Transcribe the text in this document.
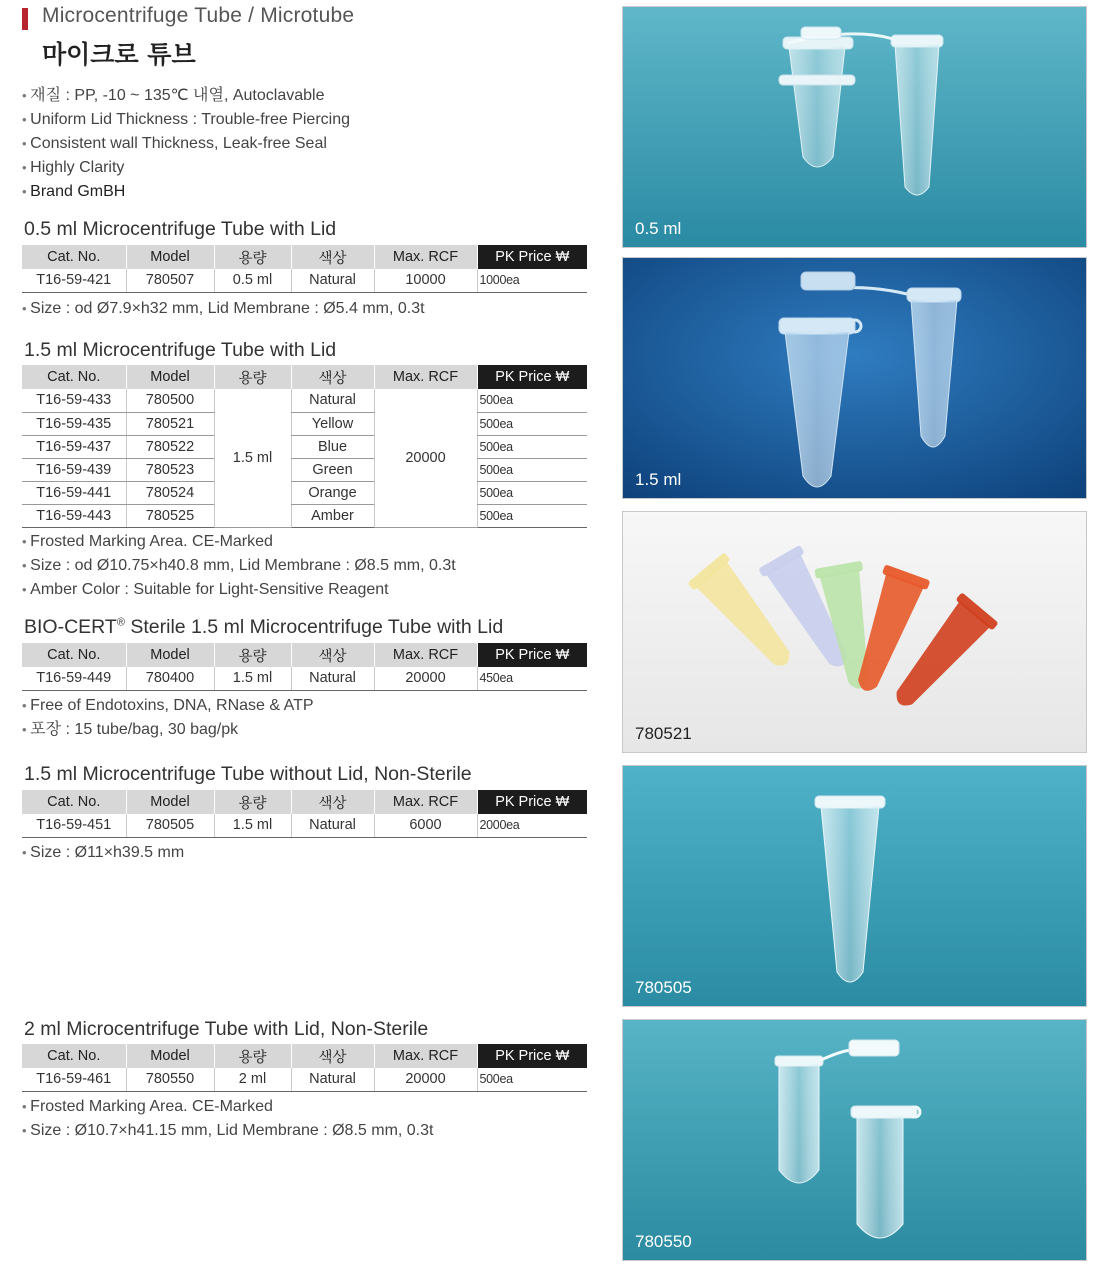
Microcentrifuge Tube / Microtube
마이크로 튜브
• 재질 : PP, -10 ~ 135℃ 내열, Autoclavable
• Uniform Lid Thickness : Trouble-free Piercing
• Consistent wall Thickness, Leak-free Seal
• Highly Clarity
• Brand GmBH
0.5 ml Microcentrifuge Tube with Lid
Cat. No.	Model	용량	색상	Max. RCF	PK Price ₩
T16-59-421	780507	0.5 ml	Natural	10000	1000ea
• Size : od Ø7.9×h32 mm, Lid Membrane : Ø5.4 mm, 0.3t
1.5 ml Microcentrifuge Tube with Lid
Cat. No.	Model	용량	색상	Max. RCF	PK Price ₩
T16-59-433	780500	1.5 ml	Natural	20000	500ea
T16-59-435	780521		Yellow		500ea
T16-59-437	780522		Blue		500ea
T16-59-439	780523		Green		500ea
T16-59-441	780524		Orange		500ea
T16-59-443	780525		Amber		500ea
• Frosted Marking Area. CE-Marked
• Size : od Ø10.75×h40.8 mm, Lid Membrane : Ø8.5 mm, 0.3t
• Amber Color : Suitable for Light-Sensitive Reagent
BIO-CERT® Sterile 1.5 ml Microcentrifuge Tube with Lid
Cat. No.	Model	용량	색상	Max. RCF	PK Price ₩
T16-59-449	780400	1.5 ml	Natural	20000	450ea
• Free of Endotoxins, DNA, RNase & ATP
• 포장 : 15 tube/bag, 30 bag/pk
1.5 ml Microcentrifuge Tube without Lid, Non-Sterile
Cat. No.	Model	용량	색상	Max. RCF	PK Price ₩
T16-59-451	780505	1.5 ml	Natural	6000	2000ea
• Size : Ø11×h39.5 mm
2 ml Microcentrifuge Tube with Lid, Non-Sterile
Cat. No.	Model	용량	색상	Max. RCF	PK Price ₩
T16-59-461	780550	2 ml	Natural	20000	500ea
• Frosted Marking Area. CE-Marked
• Size : Ø10.7×h41.15 mm, Lid Membrane : Ø8.5 mm, 0.3t
0.5 ml
1.5 ml
780521
780505
780550
